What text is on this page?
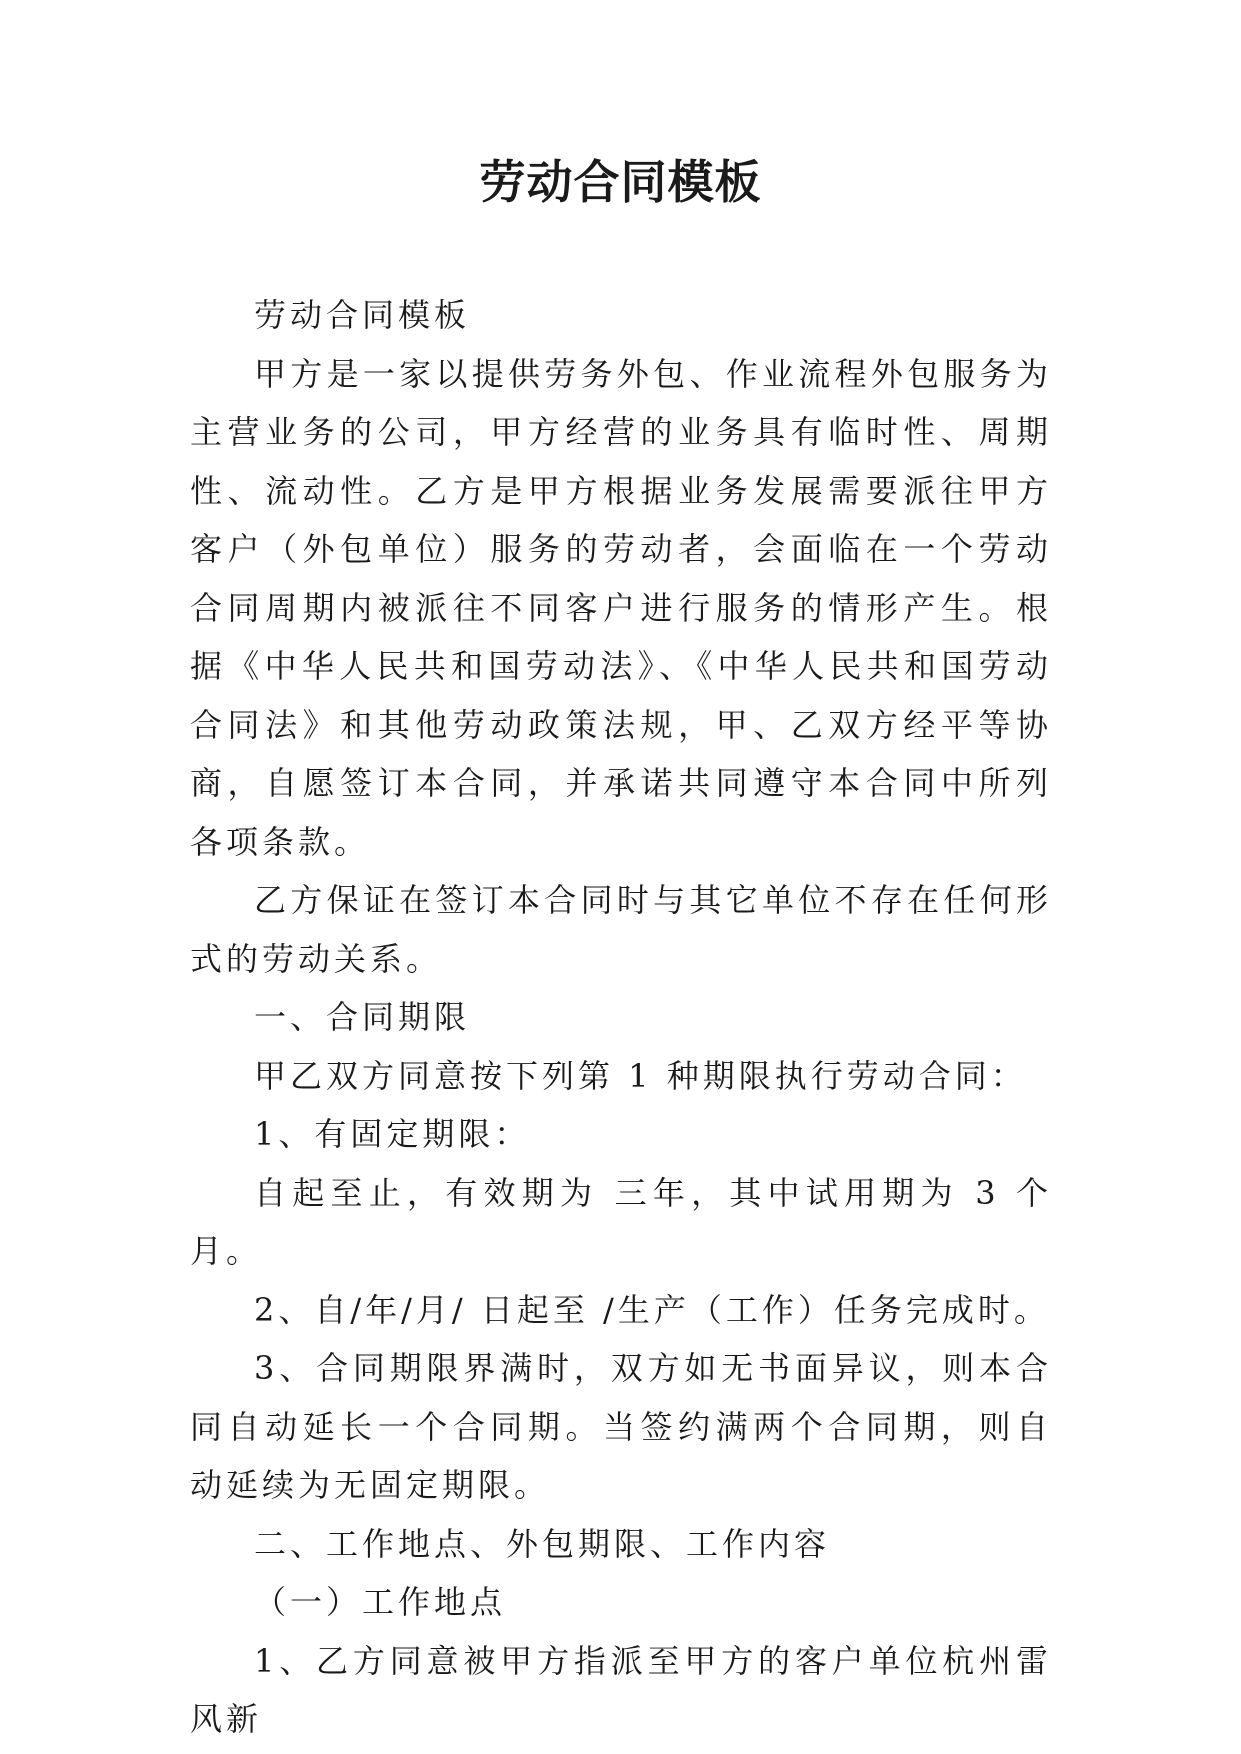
劳动合同模板

劳动合同模板

甲方是一家以提供劳务外包、作业流程外包服务为主营业务的公司，甲方经营的业务具有临时性、周期性、流动性。乙方是甲方根据业务发展需要派往甲方客户（外包单位）服务的劳动者，会面临在一个劳动合同周期内被派往不同客户进行服务的情形产生。根据《中华人民共和国劳动法》、《中华人民共和国劳动合同法》和其他劳动政策法规，甲、乙双方经平等协商，自愿签订本合同，并承诺共同遵守本合同中所列各项条款。

乙方保证在签订本合同时与其它单位不存在任何形式的劳动关系。

一、合同期限

甲乙双方同意按下列第 1 种期限执行劳动合同：

1、有固定期限：

自起至止，有效期为 三年，其中试用期为 3 个月。

2、自/年/月/ 日起至 /生产（工作）任务完成时。

3、合同期限界满时，双方如无书面异议，则本合同自动延长一个合同期。当签约满两个合同期，则自动延续为无固定期限。

二、工作地点、外包期限、工作内容

（一）工作地点

1、乙方同意被甲方指派至甲方的客户单位杭州雷风新
